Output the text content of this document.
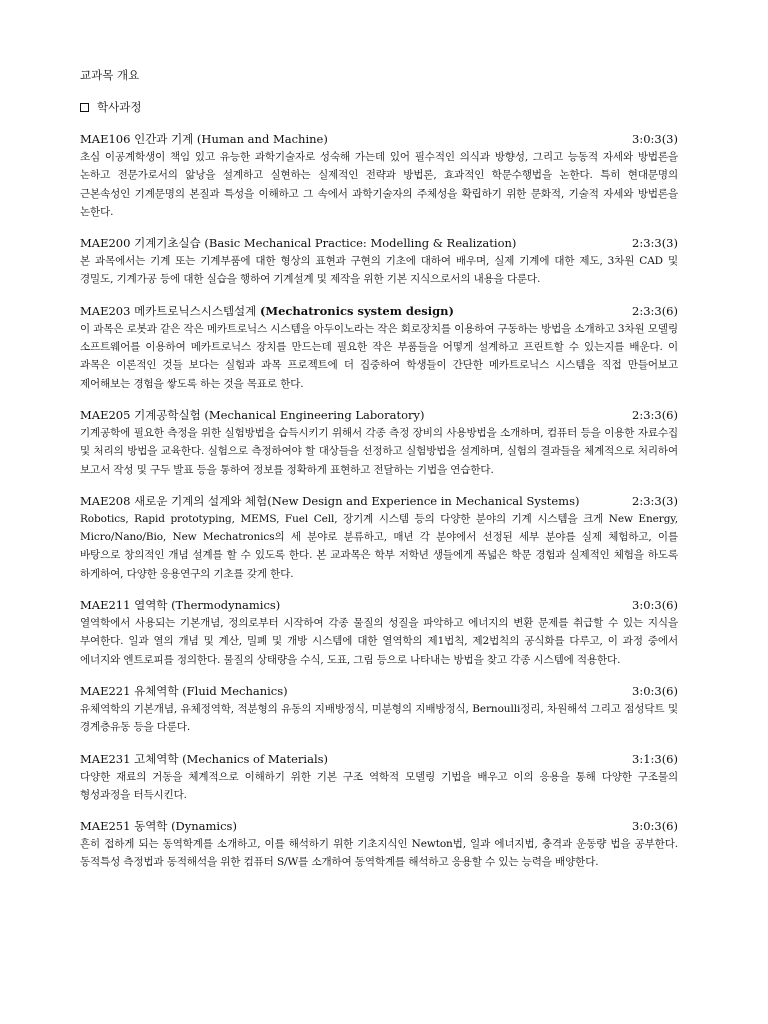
교과목 개요
학사과정
MAE106 인간과 기계 (Human and Machine)	3:0:3(3)
초심 이공계학생이 책임 있고 유능한 과학기술자로 성숙해 가는데 있어 필수적인 의식과 방향성, 그리고 능동적 자세와 방법론을 논하고 전문가로서의 앎낭을 설계하고 실현하는 실제적인 전략과 방법론, 효과적인 학문수행법을 논한다. 특히 현대문명의 근본속성인 기계문명의 본질과 특성을 이해하고 그 속에서 과학기술자의 주체성을 확립하기 위한 문화적, 기술적 자세와 방법론을 논한다.
MAE200 기계기초실습 (Basic Mechanical Practice: Modelling & Realization)	2:3:3(3)
본 과목에서는 기계 또는 기계부품에 대한 형상의 표현과 구현의 기초에 대하여 배우며, 실제 기계에 대한 제도, 3차원 CAD 및 경밀도, 기계가공 등에 대한 실습을 행하여 기계설계 및 제작을 위한 기본 지식으로서의 내용을 다룬다.
MAE203 메카트로닉스시스템설계 (Mechatronics system design)	2:3:3(6)
이 과목은 로봇과 같은 작은 메카트로닉스 시스템을 아두이노라는 작은 회로장치를 이용하여 구동하는 방법을 소개하고 3차원 모델링 소프트웨어를 이용하여 메카트로닉스 장치를 만드는데 필요한 작은 부품들을 어떻게 설계하고 프린트할 수 있는지를 배운다. 이 과목은 이론적인 것들 보다는 실험과 과목 프로젝트에 더 집중하여 학생들이 간단한 메카트로닉스 시스템을 직접 만들어보고 제어해보는 경험을 쌓도록 하는 것을 목표로 한다.
MAE205 기계공학실험 (Mechanical Engineering Laboratory)	2:3:3(6)
기계공학에 필요한 측정을 위한 실험방법을 습득시키기 위해서 각종 측정 장비의 사용방법을 소개하며, 컴퓨터 등을 이용한 자료수집 및 처리의 방법을 교육한다. 실험으로 측정하여야 할 대상들을 선정하고 실험방법을 설계하며, 실험의 결과들을 체계적으로 처리하여 보고서 작성 및 구두 발표 등을 통하여 정보를 정확하게 표현하고 전달하는 기법을 연습한다.
MAE208 새로운 기계의 설계와 체험(New Design and Experience in Mechanical Systems)	2:3:3(3)
Robotics, Rapid prototyping, MEMS, Fuel Cell, 장기계 시스템 등의 다양한 분야의 기계 시스템을 크게 New Energy, Micro/Nano/Bio, New Mechatronics의 세 분야로 분류하고, 매년 각 분야에서 선정된 세부 분야를 실제 체험하고, 이를 바탕으로 창의적인 개념 설계를 할 수 있도록 한다. 본 교과목은 학부 저학년 생들에게 폭넓은 학문 경험과 실제적인 체험을 하도록 하게하여, 다양한 응용연구의 기초를 갖게 한다.
MAE211 열역학 (Thermodynamics)	3:0:3(6)
열역학에서 사용되는 기본개념, 정의로부터 시작하여 각종 물질의 성질을 파악하고 에너지의 변환 문제를 취급할 수 있는 지식을 부여한다. 일과 열의 개념 및 계산, 밀폐 및 개방 시스템에 대한 열역학의 제1법칙, 제2법칙의 공식화를 다루고, 이 과정 중에서 에너지와 엔트로피를 정의한다. 물질의 상태량을 수식, 도표, 그림 등으로 나타내는 방법을 찾고 각종 시스템에 적용한다.
MAE221 유체역학 (Fluid Mechanics)	3:0:3(6)
유체역학의 기본개념, 유체정역학, 적분형의 유동의 지배방정식, 미분형의 지배방정식, Bernoulli정리, 차원해석 그리고 점성닥트 및 경계층유동 등을 다룬다.
MAE231 고체역학 (Mechanics of Materials)	3:1:3(6)
다양한 재료의 거동을 체계적으로 이해하기 위한 기본 구조 역학적 모델링 기법을 배우고 이의 응용을 통해 다양한 구조물의 형성과정을 터득시킨다.
MAE251 동역학 (Dynamics)	3:0:3(6)
흔히 접하게 되는 동역학계를 소개하고, 이를 해석하기 위한 기초지식인 Newton법, 일과 에너지법, 충격과 운동량 법을 공부한다. 동적특성 측정법과 동적해석을 위한 컴퓨터 S/W를 소개하여 동역학계를 해석하고 응용할 수 있는 능력을 배양한다.
